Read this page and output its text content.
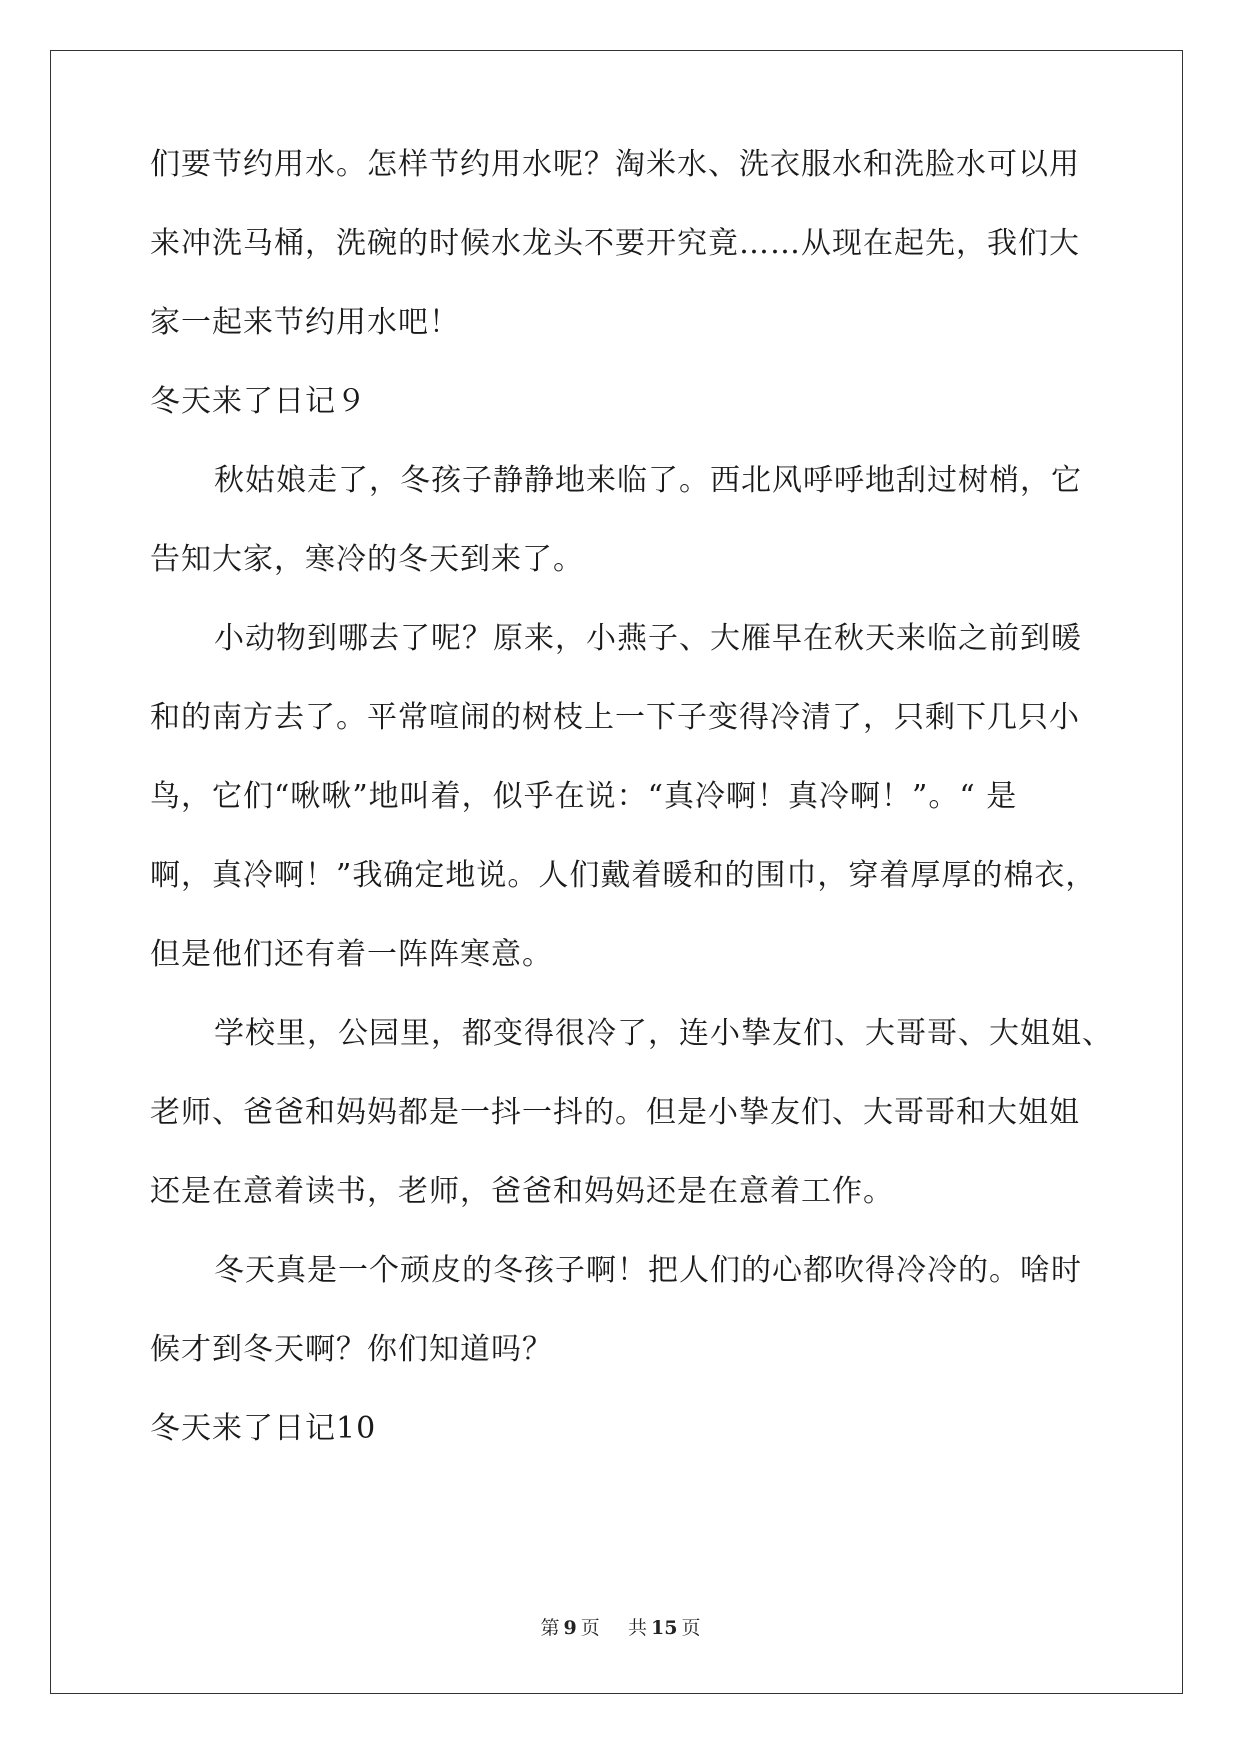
们要节约用水。怎样节约用水呢？淘米水、洗衣服水和洗脸水可以用
来冲洗马桶，洗碗的时候水龙头不要开究竟……从现在起先，我们大
家一起来节约用水吧！
冬天来了日记９
秋姑娘走了，冬孩子静静地来临了。西北风呼呼地刮过树梢，它
告知大家，寒冷的冬天到来了。
小动物到哪去了呢？原来，小燕子、大雁早在秋天来临之前到暖
和的南方去了。平常喧闹的树枝上一下子变得冷清了，只剩下几只小
鸟，它们“啾啾”地叫着，似乎在说：“真冷啊！真冷啊！”。“ 是
啊，真冷啊！”我确定地说。人们戴着暖和的围巾，穿着厚厚的棉衣，
但是他们还有着一阵阵寒意。
学校里，公园里，都变得很冷了，连小挚友们、大哥哥、大姐姐、
老师、爸爸和妈妈都是一抖一抖的。但是小挚友们、大哥哥和大姐姐
还是在意着读书，老师，爸爸和妈妈还是在意着工作。
冬天真是一个顽皮的冬孩子啊！把人们的心都吹得冷冷的。啥时
候才到冬天啊？你们知道吗？
冬天来了日记10
第 9 页 共 15 页
